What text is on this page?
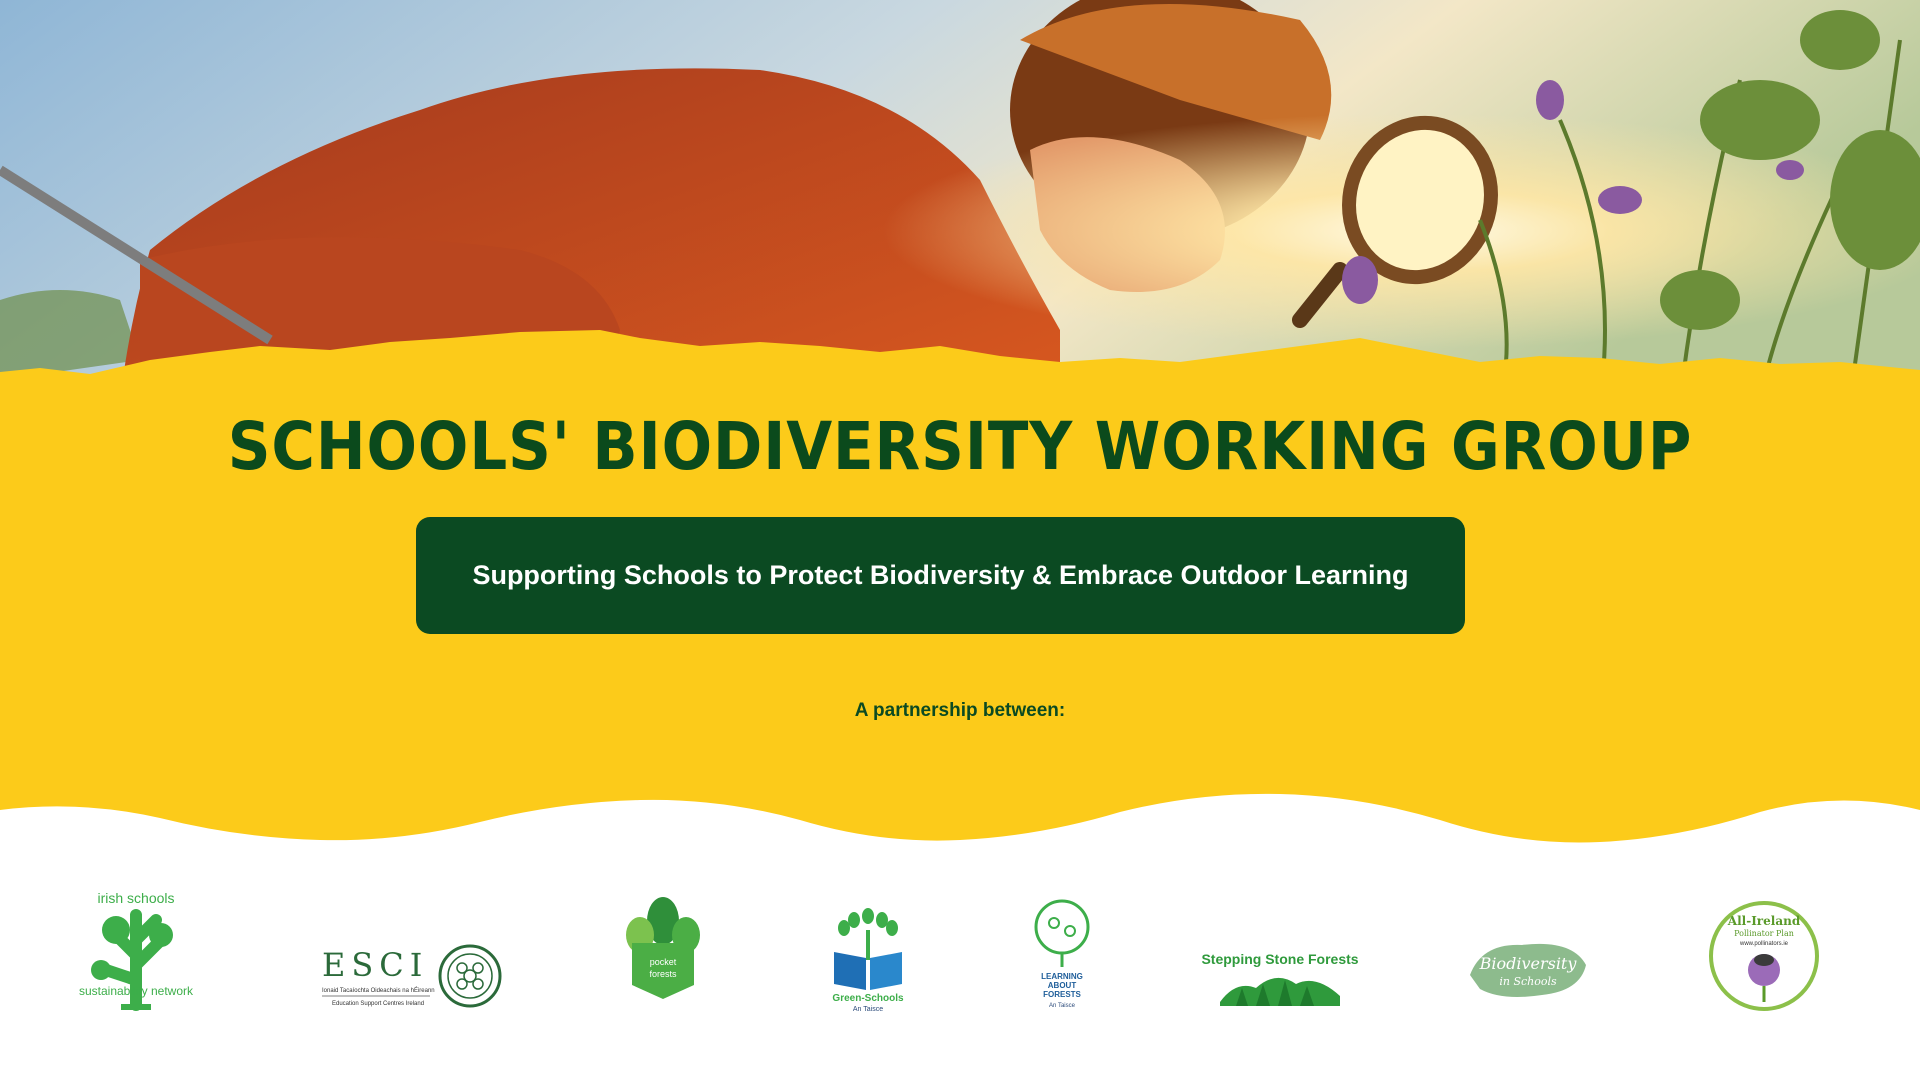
SCHOOLS' BIODIVERSITY WORKING GROUP
Supporting Schools to Protect Biodiversity & Embrace Outdoor Learning
A partnership between:
irish schools
sustainability network
ESCI
Ionaid Tacaíochta Oideachais na hÉireann
Education Support Centres Ireland
pocket
forests
Green-Schools
An Taisce
LEARNING
ABOUT
FORESTS
An Taisce
Stepping Stone Forests	Biodiversity
in Schools
All-Ireland
Pollinator Plan
www.pollinators.ie
